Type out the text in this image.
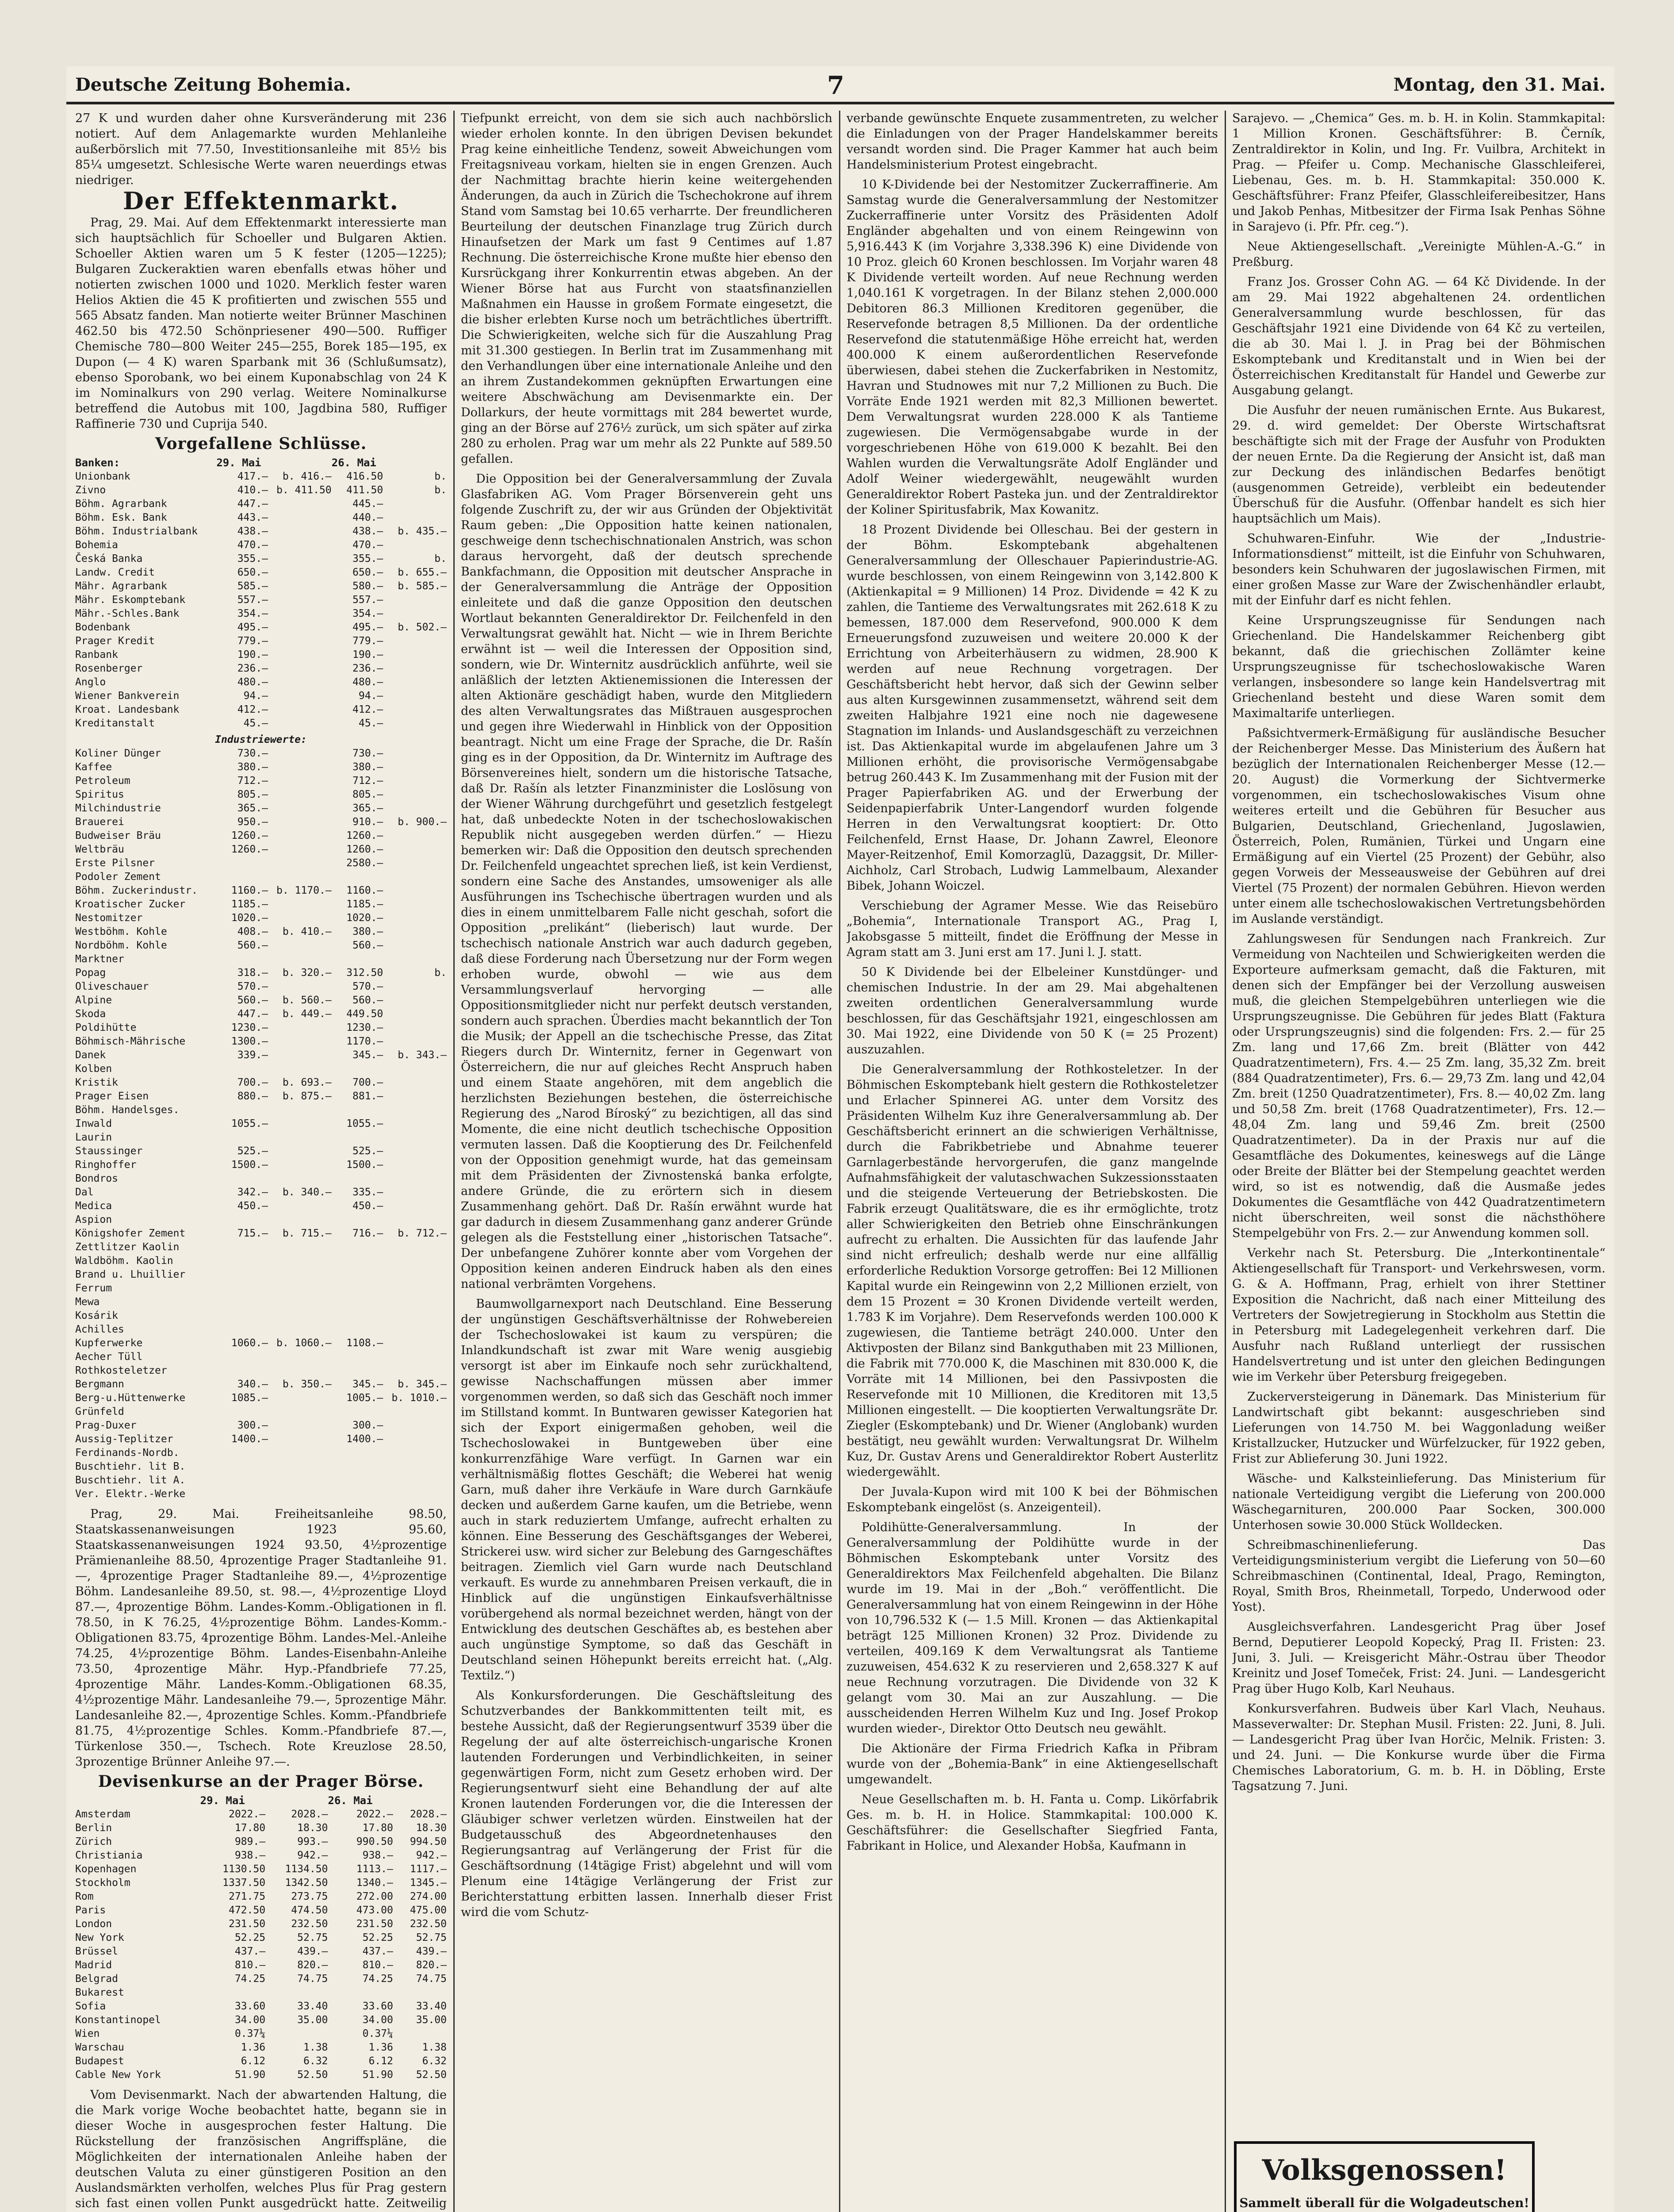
Deutsche Zeitung Bohemia.	7	Montag, den 31. Mai.

27 K und wurden daher ohne Kursveränderung mit 236 notiert. Auf dem Anlagemarkte wurden Mehlanleihe außerbörslich mit 77.50, Investitionsanleihe mit 85½ bis 85¼ umgesetzt. Schlesische Werte waren neuerdings etwas niedriger.

Der Effektenmarkt.

Prag, 29. Mai. Auf dem Effektenmarkt interessierte man sich hauptsächlich für Schoeller und Bulgaren Aktien. Schoeller Aktien waren um 5 K fester (1205—1225); Bulgaren Zuckeraktien waren ebenfalls etwas höher und notierten zwischen 1000 und 1020. Merklich fester waren Helios Aktien die 45 K profitierten und zwischen 555 und 565 Absatz fanden. Man notierte weiter Brünner Maschinen 462.50 bis 472.50 Schönpriesener 490—500. Ruffiger Chemische 780—800 Weiter 245—255, Borek 185—195, ex Dupon (— 4 K) waren Sparbank mit 36 (Schlußumsatz), ebenso Sporobank, wo bei einem Kuponabschlag von 24 K im Nominalkurs von 290 verlag. Weitere Nominalkurse betreffend die Autobus mit 100, Jagdbina 580, Ruffiger Raffinerie 730 und Cuprija 540.

Vorgefallene Schlüsse.
Banken:	29. Mai		26. Mai	
Unionbank	417.—	b. 416.—	416.50	b.
Zivno	410.—	b. 411.50	411.50	b.
Böhm. Agrarbank	447.—		445.—	
Böhm. Esk. Bank	443.—		440.—	
Böhm. Industrialbank	438.—		438.—	b. 435.—
Bohemia	470.—		470.—	
Česká Banka	355.—		355.—	b.
Landw. Credit	650.—		650.—	b. 655.—
Mähr. Agrarbank	585.—		580.—	b. 585.—
Mähr. Eskomptebank	557.—		557.—	
Mähr.-Schles.Bank	354.—		354.—	
Bodenbank	495.—		495.—	b. 502.—
Prager Kredit	779.—		779.—	
Ranbank	190.—		190.—	
Rosenberger	236.—		236.—	
Anglo	480.—		480.—	
Wiener Bankverein	94.—		94.—	
Kroat. Landesbank	412.—		412.—	
Kreditanstalt	45.—		45.—	
Industriewerte:				
Koliner Dünger	730.—		730.—	
Kaffee	380.—		380.—	
Petroleum	712.—		712.—	
Spiritus	805.—		805.—	
Milchindustrie	365.—		365.—	
Brauerei	950.—		910.—	b. 900.—
Budweiser Bräu	1260.—		1260.—	
Weltbräu	1260.—		1260.—	
Erste Pilsner			2580.—	
Podoler Zement				
Böhm. Zuckerindustr.	1160.—	b. 1170.—	1160.—	
Kroatischer Zucker	1185.—		1185.—	
Nestomitzer	1020.—		1020.—	
Westböhm. Kohle	408.—	b. 410.—	380.—	
Nordböhm. Kohle	560.—		560.—	
Marktner				
Popag	318.—	b. 320.—	312.50	b.
Oliveschauer	570.—		570.—	
Alpine	560.—	b. 560.—	560.—	
Skoda	447.—	b. 449.—	449.50	
Poldihütte	1230.—		1230.—	
Böhmisch-Mährische	1300.—		1170.—	
Danek	339.—		345.—	b. 343.—
Kolben				
Kristik	700.—	b. 693.—	700.—	
Prager Eisen	880.—	b. 875.—	881.—	
Böhm. Handelsges.				
Inwald	1055.—		1055.—	
Laurin				
Staussinger	525.—		525.—	
Ringhoffer	1500.—		1500.—	
Bondros				
Dal	342.—	b. 340.—	335.—	
Medica	450.—		450.—	
Aspion				
Königshofer Zement	715.—	b. 715.—	716.—	b. 712.—
Zettlitzer Kaolin				
Waldböhm. Kaolin				
Brand u. Lhuillier				
Ferrum				
Mewa				
Kosárik				
Achilles				
Kupferwerke	1060.—	b. 1060.—	1108.—	
Aecher Tüll				
Rothkosteletzer				
Bergmann	340.—	b. 350.—	345.—	b. 345.—
Berg-u.Hüttenwerke	1085.—		1005.—	b. 1010.—
Grünfeld				
Prag-Duxer	300.—		300.—	
Aussig-Teplitzer	1400.—		1400.—	
Ferdinands-Nordb.				
Buschtiehr. lit B.				
Buschtiehr. lit A.				
Ver. Elektr.-Werke				

Prag, 29. Mai. Freiheitsanleihe 98.50, Staatskassenanweisungen 1923 95.60, Staatskassenanweisungen 1924 93.50, 4½prozentige Prämienanleihe 88.50, 4prozentige Prager Stadtanleihe 91.—, 4prozentige Prager Stadtanleihe 89.—, 4½prozentige Böhm. Landesanleihe 89.50, st. 98.—, 4½prozentige Lloyd 87.—, 4prozentige Böhm. Landes-Komm.-Obligationen in fl. 78.50, in K 76.25, 4½prozentige Böhm. Landes-Komm.-Obligationen 83.75, 4prozentige Böhm. Landes-Mel.-Anleihe 74.25, 4½prozentige Böhm. Landes-Eisenbahn-Anleihe 73.50, 4prozentige Mähr. Hyp.-Pfandbriefe 77.25, 4prozentige Mähr. Landes-Komm.-Obligationen 68.35, 4½prozentige Mähr. Landesanleihe 79.—, 5prozentige Mähr. Landesanleihe 82.—, 4prozentige Schles. Komm.-Pfandbriefe 81.75, 4½prozentige Schles. Komm.-Pfandbriefe 87.—, Türkenlose 350.—, Tschech. Rote Kreuzlose 28.50, 3prozentige Brünner Anleihe 97.—.

Devisenkurse an der Prager Börse.
	29. Mai		26. Mai	
Amsterdam	2022.—	2028.—	2022.—	2028.—
Berlin	17.80	18.30	17.80	18.30
Zürich	989.—	993.—	990.50	994.50
Christiania	938.—	942.—	938.—	942.—
Kopenhagen	1130.50	1134.50	1113.—	1117.—
Stockholm	1337.50	1342.50	1340.—	1345.—
Rom	271.75	273.75	272.00	274.00
Paris	472.50	474.50	473.00	475.00
London	231.50	232.50	231.50	232.50
New York	52.25	52.75	52.25	52.75
Brüssel	437.—	439.—	437.—	439.—
Madrid	810.—	820.—	810.—	820.—
Belgrad	74.25	74.75	74.25	74.75
Bukarest				
Sofia	33.60	33.40	33.60	33.40
Konstantinopel	34.00	35.00	34.00	35.00
Wien	0.37¼		0.37¼	
Warschau	1.36	1.38	1.36	1.38
Budapest	6.12	6.32	6.12	6.32
Cable New York	51.90	52.50	51.90	52.50

Vom Devisenmarkt. Nach der abwartenden Haltung, die die Mark vorige Woche beobachtet hatte, begann sie in dieser Woche in ausgesprochen fester Haltung. Die Rückstellung der französischen Angriffspläne, die Möglichkeiten der internationalen Anleihe haben der deutschen Valuta zu einer günstigeren Position an den Auslandsmärkten verholfen, welches Plus für Prag gestern sich fast einen vollen Punkt ausgedrückt hatte. Zeitweilig

Tiefpunkt erreicht, von dem sie sich auch nachbörslich wieder erholen konnte. In den übrigen Devisen bekundet Prag keine einheitliche Tendenz, soweit Abweichungen vom Freitagsniveau vorkam, hielten sie in engen Grenzen. Auch der Nachmittag brachte hierin keine weitergehenden Änderungen, da auch in Zürich die Tschechokrone auf ihrem Stand vom Samstag bei 10.65 verharrte. Der freundlicheren Beurteilung der deutschen Finanzlage trug Zürich durch Hinaufsetzen der Mark um fast 9 Centimes auf 1.87 Rechnung. Die österreichische Krone mußte hier ebenso den Kursrückgang ihrer Konkurrentin etwas abgeben. An der Wiener Börse hat aus Furcht von staatsfinanziellen Maßnahmen ein Hausse in großem Formate eingesetzt, die die bisher erlebten Kurse noch um beträchtliches übertrifft. Die Schwierigkeiten, welche sich für die Auszahlung Prag mit 31.300 gestiegen. In Berlin trat im Zusammenhang mit den Verhandlungen über eine internationale Anleihe und den an ihrem Zustandekommen geknüpften Erwartungen eine weitere Abschwächung am Devisenmarkte ein. Der Dollarkurs, der heute vormittags mit 284 bewertet wurde, ging an der Börse auf 276½ zurück, um sich später auf zirka 280 zu erholen. Prag war um mehr als 22 Punkte auf 589.50 gefallen.

Die Opposition bei der Generalversammlung der Zuvala Glasfabriken AG. Vom Prager Börsenverein geht uns folgende Zuschrift zu, der wir aus Gründen der Objektivität Raum geben: „Die Opposition hatte keinen nationalen, geschweige denn tschechischnationalen Anstrich, was schon daraus hervorgeht, daß der deutsch sprechende Bankfachmann, die Opposition mit deutscher Ansprache in der Generalversammlung die Anträge der Opposition einleitete und daß die ganze Opposition den deutschen Wortlaut bekannten Generaldirektor Dr. Feilchenfeld in den Verwaltungsrat gewählt hat. Nicht — wie in Ihrem Berichte erwähnt ist — weil die Interessen der Opposition sind, sondern, wie Dr. Winternitz ausdrücklich anführte, weil sie anläßlich der letzten Aktienemissionen die Interessen der alten Aktionäre geschädigt haben, wurde den Mitgliedern des alten Verwaltungsrates das Mißtrauen ausgesprochen und gegen ihre Wiederwahl in Hinblick von der Opposition beantragt. Nicht um eine Frage der Sprache, die Dr. Rašín ging es in der Opposition, da Dr. Winternitz im Auftrage des Börsenvereines hielt, sondern um die historische Tatsache, daß Dr. Rašín als letzter Finanzminister die Loslösung von der Wiener Währung durchgeführt und gesetzlich festgelegt hat, daß unbedeckte Noten in der tschechoslowakischen Republik nicht ausgegeben werden dürfen.“ — Hiezu bemerken wir: Daß die Opposition den deutsch sprechenden Dr. Feilchenfeld ungeachtet sprechen ließ, ist kein Verdienst, sondern eine Sache des Anstandes, umsoweniger als alle Ausführungen ins Tschechische übertragen wurden und als dies in einem unmittelbarem Falle nicht geschah, sofort die Opposition „prelikánt“ (lieberisch) laut wurde. Der tschechisch nationale Anstrich war auch dadurch gegeben, daß diese Forderung nach Übersetzung nur der Form wegen erhoben wurde, obwohl — wie aus dem Versammlungsverlauf hervorging — alle Oppositionsmitglieder nicht nur perfekt deutsch verstanden, sondern auch sprachen. Überdies macht bekanntlich der Ton die Musik; der Appell an die tschechische Presse, das Zitat Riegers durch Dr. Winternitz, ferner in Gegenwart von Österreichern, die nur auf gleiches Recht Anspruch haben und einem Staate angehören, mit dem angeblich die herzlichsten Beziehungen bestehen, die österreichische Regierung des „Narod Bíroský“ zu bezichtigen, all das sind Momente, die eine nicht deutlich tschechische Opposition vermuten lassen. Daß die Kooptierung des Dr. Feilchenfeld von der Opposition genehmigt wurde, hat das gemeinsam mit dem Präsidenten der Zivnostenská banka erfolgte, andere Gründe, die zu erörtern sich in diesem Zusammenhang gehört. Daß Dr. Rašín erwähnt wurde hat gar dadurch in diesem Zusammenhang ganz anderer Gründe gelegen als die Feststellung einer „historischen Tatsache“. Der unbefangene Zuhörer konnte aber vom Vorgehen der Opposition keinen anderen Eindruck haben als den eines national verbrämten Vorgehens.

Baumwollgarnexport nach Deutschland. Eine Besserung der ungünstigen Geschäftsverhältnisse der Rohwebereien der Tschechoslowakei ist kaum zu verspüren; die Inlandkundschaft ist zwar mit Ware wenig ausgiebig versorgt ist aber im Einkaufe noch sehr zurückhaltend, gewisse Nachschaffungen müssen aber immer vorgenommen werden, so daß sich das Geschäft noch immer im Stillstand kommt. In Buntwaren gewisser Kategorien hat sich der Export einigermaßen gehoben, weil die Tschechoslowakei in Buntgeweben über eine konkurrenzfähige Ware verfügt. In Garnen war ein verhältnismäßig flottes Geschäft; die Weberei hat wenig Garn, muß daher ihre Verkäufe in Ware durch Garnkäufe decken und außerdem Garne kaufen, um die Betriebe, wenn auch in stark reduziertem Umfange, aufrecht erhalten zu können. Eine Besserung des Geschäftsganges der Weberei, Strickerei usw. wird sicher zur Belebung des Garngeschäftes beitragen. Ziemlich viel Garn wurde nach Deutschland verkauft. Es wurde zu annehmbaren Preisen verkauft, die in Hinblick auf die ungünstigen Einkaufsverhältnisse vorübergehend als normal bezeichnet werden, hängt von der Entwicklung des deutschen Geschäftes ab, es bestehen aber auch ungünstige Symptome, so daß das Geschäft in Deutschland seinen Höhepunkt bereits erreicht hat. („Alg. Textilz.“)

Als Konkursforderungen. Die Geschäftsleitung des Schutzverbandes der Bankkommittenten teilt mit, es bestehe Aussicht, daß der Regierungsentwurf 3539 über die Regelung der auf alte österreichisch-ungarische Kronen lautenden Forderungen und Verbindlichkeiten, in seiner gegenwärtigen Form, nicht zum Gesetz erhoben wird. Der Regierungsentwurf sieht eine Behandlung der auf alte Kronen lautenden Forderungen vor, die die Interessen der Gläubiger schwer verletzen würden. Einstweilen hat der Budgetausschuß des Abgeordnetenhauses den Regierungsantrag auf Verlängerung der Frist für die Geschäftsordnung (14tägige Frist) abgelehnt und will vom Plenum eine 14tägige Verlängerung der Frist zur Berichterstattung erbitten lassen. Innerhalb dieser Frist wird die vom Schutz-

verbande gewünschte Enquete zusammentreten, zu welcher die Einladungen von der Prager Handelskammer bereits versandt worden sind. Die Prager Kammer hat auch beim Handelsministerium Protest eingebracht.

10 K-Dividende bei der Nestomitzer Zuckerraffinerie. Am Samstag wurde die Generalversammlung der Nestomitzer Zuckerraffinerie unter Vorsitz des Präsidenten Adolf Engländer abgehalten und von einem Reingewinn von 5,916.443 K (im Vorjahre 3,338.396 K) eine Dividende von 10 Proz. gleich 60 Kronen beschlossen. Im Vorjahr waren 48 K Dividende verteilt worden. Auf neue Rechnung werden 1,040.161 K vorgetragen. In der Bilanz stehen 2,000.000 Debitoren 86.3 Millionen Kreditoren gegenüber, die Reservefonde betragen 8,5 Millionen. Da der ordentliche Reservefond die statutenmäßige Höhe erreicht hat, werden 400.000 K einem außerordentlichen Reservefonde überwiesen, dabei stehen die Zuckerfabriken in Nestomitz, Havran und Studnowes mit nur 7,2 Millionen zu Buch. Die Vorräte Ende 1921 werden mit 82,3 Millionen bewertet. Dem Verwaltungsrat wurden 228.000 K als Tantieme zugewiesen. Die Vermögensabgabe wurde in der vorgeschriebenen Höhe von 619.000 K bezahlt. Bei den Wahlen wurden die Verwaltungsräte Adolf Engländer und Adolf Weiner wiedergewählt, neugewählt wurden Generaldirektor Robert Pasteka jun. und der Zentraldirektor der Koliner Spiritusfabrik, Max Kowanitz.

18 Prozent Dividende bei Olleschau. Bei der gestern in der Böhm. Eskomptebank abgehaltenen Generalversammlung der Olleschauer Papierindustrie-AG. wurde beschlossen, von einem Reingewinn von 3,142.800 K (Aktienkapital = 9 Millionen) 14 Proz. Dividende = 42 K zu zahlen, die Tantieme des Verwaltungsrates mit 262.618 K zu bemessen, 187.000 dem Reservefond, 900.000 K dem Erneuerungsfond zuzuweisen und weitere 20.000 K der Errichtung von Arbeiterhäusern zu widmen, 28.900 K werden auf neue Rechnung vorgetragen. Der Geschäftsbericht hebt hervor, daß sich der Gewinn selber aus alten Kursgewinnen zusammensetzt, während seit dem zweiten Halbjahre 1921 eine noch nie dagewesene Stagnation im Inlands- und Auslandsgeschäft zu verzeichnen ist. Das Aktienkapital wurde im abgelaufenen Jahre um 3 Millionen erhöht, die provisorische Vermögensabgabe betrug 260.443 K. Im Zusammenhang mit der Fusion mit der Prager Papierfabriken AG. und der Erwerbung der Seidenpapierfabrik Unter-Langendorf wurden folgende Herren in den Verwaltungsrat kooptiert: Dr. Otto Feilchenfeld, Ernst Haase, Dr. Johann Zawrel, Eleonore Mayer-Reitzenhof, Emil Komorzaglü, Dazaggsit, Dr. Miller-Aichholz, Carl Strobach, Ludwig Lammelbaum, Alexander Bibek, Johann Woiczel.

Verschiebung der Agramer Messe. Wie das Reisebüro „Bohemia“, Internationale Transport AG., Prag I, Jakobsgasse 5 mitteilt, findet die Eröffnung der Messe in Agram statt am 3. Juni erst am 17. Juni l. J. statt.

50 K Dividende bei der Elbeleiner Kunstdünger- und chemischen Industrie. In der am 29. Mai abgehaltenen zweiten ordentlichen Generalversammlung wurde beschlossen, für das Geschäftsjahr 1921, eingeschlossen am 30. Mai 1922, eine Dividende von 50 K (= 25 Prozent) auszuzahlen.

Die Generalversammlung der Rothkosteletzer. In der Böhmischen Eskomptebank hielt gestern die Rothkosteletzer und Erlacher Spinnerei AG. unter dem Vorsitz des Präsidenten Wilhelm Kuz ihre Generalversammlung ab. Der Geschäftsbericht erinnert an die schwierigen Verhältnisse, durch die Fabrikbetriebe und Abnahme teuerer Garnlagerbestände hervorgerufen, die ganz mangelnde Aufnahmsfähigkeit der valutaschwachen Sukzessionsstaaten und die steigende Verteuerung der Betriebskosten. Die Fabrik erzeugt Qualitätsware, die es ihr ermöglichte, trotz aller Schwierigkeiten den Betrieb ohne Einschränkungen aufrecht zu erhalten. Die Aussichten für das laufende Jahr sind nicht erfreulich; deshalb werde nur eine allfällig erforderliche Reduktion Vorsorge getroffen: Bei 12 Millionen Kapital wurde ein Reingewinn von 2,2 Millionen erzielt, von dem 15 Prozent = 30 Kronen Dividende verteilt werden, 1.783 K im Vorjahre). Dem Reservefonds werden 100.000 K zugewiesen, die Tantieme beträgt 240.000. Unter den Aktivposten der Bilanz sind Bankguthaben mit 23 Millionen, die Fabrik mit 770.000 K, die Maschinen mit 830.000 K, die Vorräte mit 14 Millionen, bei den Passivposten die Reservefonde mit 10 Millionen, die Kreditoren mit 13,5 Millionen eingestellt. — Die kooptierten Verwaltungsräte Dr. Ziegler (Eskomptebank) und Dr. Wiener (Anglobank) wurden bestätigt, neu gewählt wurden: Verwaltungsrat Dr. Wilhelm Kuz, Dr. Gustav Arens und Generaldirektor Robert Austerlitz wiedergewählt.

Der Juvala-Kupon wird mit 100 K bei der Böhmischen Eskomptebank eingelöst (s. Anzeigenteil).

Poldihütte-Generalversammlung. In der Generalversammlung der Poldihütte wurde in der Böhmischen Eskomptebank unter Vorsitz des Generaldirektors Max Feilchenfeld abgehalten. Die Bilanz wurde im 19. Mai in der „Boh.“ veröffentlicht. Die Generalversammlung hat von einem Reingewinn in der Höhe von 10,796.532 K (— 1.5 Mill. Kronen — das Aktienkapital beträgt 125 Millionen Kronen) 32 Proz. Dividende zu verteilen, 409.169 K dem Verwaltungsrat als Tantieme zuzuweisen, 454.632 K zu reservieren und 2,658.327 K auf neue Rechnung vorzutragen. Die Dividende von 32 K gelangt vom 30. Mai an zur Auszahlung. — Die ausscheidenden Herren Wilhelm Kuz und Ing. Josef Prokop wurden wieder-, Direktor Otto Deutsch neu gewählt.

Die Aktionäre der Firma Friedrich Kafka in Přibram wurde von der „Bohemia-Bank“ in eine Aktiengesellschaft umgewandelt.

Neue Gesellschaften m. b. H. Fanta u. Comp. Likörfabrik Ges. m. b. H. in Holice. Stammkapital: 100.000 K. Geschäftsführer: die Gesellschafter Siegfried Fanta, Fabrikant in Holice, und Alexander Hobša, Kaufmann in

Sarajevo. — „Chemica“ Ges. m. b. H. in Kolin. Stammkapital: 1 Million Kronen. Geschäftsführer: B. Černík, Zentraldirektor in Kolin, und Ing. Fr. Vuilbra, Architekt in Prag. — Pfeifer u. Comp. Mechanische Glasschleiferei, Liebenau, Ges. m. b. H. Stammkapital: 350.000 K. Geschäftsführer: Franz Pfeifer, Glasschleifereibesitzer, Hans und Jakob Penhas, Mitbesitzer der Firma Isak Penhas Söhne in Sarajevo (i. Pfr. Pfr. ceg.“).

Neue Aktiengesellschaft. „Vereinigte Mühlen-A.-G.“ in Preßburg.

Franz Jos. Grosser Cohn AG. — 64 Kč Dividende. In der am 29. Mai 1922 abgehaltenen 24. ordentlichen Generalversammlung wurde beschlossen, für das Geschäftsjahr 1921 eine Dividende von 64 Kč zu verteilen, die ab 30. Mai l. J. in Prag bei der Böhmischen Eskomptebank und Kreditanstalt und in Wien bei der Österreichischen Kreditanstalt für Handel und Gewerbe zur Ausgabung gelangt.

Die Ausfuhr der neuen rumänischen Ernte. Aus Bukarest, 29. d. wird gemeldet: Der Oberste Wirtschaftsrat beschäftigte sich mit der Frage der Ausfuhr von Produkten der neuen Ernte. Da die Regierung der Ansicht ist, daß man zur Deckung des inländischen Bedarfes benötigt (ausgenommen Getreide), verbleibt ein bedeutender Überschuß für die Ausfuhr. (Offenbar handelt es sich hier hauptsächlich um Mais).

Schuhwaren-Einfuhr. Wie der „Industrie-Informationsdienst“ mitteilt, ist die Einfuhr von Schuhwaren, besonders kein Schuhwaren der jugoslawischen Firmen, mit einer großen Masse zur Ware der Zwischenhändler erlaubt, mit der Einfuhr darf es nicht fehlen.

Keine Ursprungszeugnisse für Sendungen nach Griechenland. Die Handelskammer Reichenberg gibt bekannt, daß die griechischen Zollämter keine Ursprungszeugnisse für tschechoslowakische Waren verlangen, insbesondere so lange kein Handelsvertrag mit Griechenland besteht und diese Waren somit dem Maximaltarife unterliegen.

Paßsichtvermerk-Ermäßigung für ausländische Besucher der Reichenberger Messe. Das Ministerium des Äußern hat bezüglich der Internationalen Reichenberger Messe (12.—20. August) die Vormerkung der Sichtvermerke vorgenommen, ein tschechoslowakisches Visum ohne weiteres erteilt und die Gebühren für Besucher aus Bulgarien, Deutschland, Griechenland, Jugoslawien, Österreich, Polen, Rumänien, Türkei und Ungarn eine Ermäßigung auf ein Viertel (25 Prozent) der Gebühr, also gegen Vorweis der Messeausweise der Gebühren auf drei Viertel (75 Prozent) der normalen Gebühren. Hievon werden unter einem alle tschechoslowakischen Vertretungsbehörden im Auslande verständigt.

Zahlungswesen für Sendungen nach Frankreich. Zur Vermeidung von Nachteilen und Schwierigkeiten werden die Exporteure aufmerksam gemacht, daß die Fakturen, mit denen sich der Empfänger bei der Verzollung ausweisen muß, die gleichen Stempelgebühren unterliegen wie die Ursprungszeugnisse. Die Gebühren für jedes Blatt (Faktura oder Ursprungszeugnis) sind die folgenden: Frs. 2.— für 25 Zm. lang und 17,66 Zm. breit (Blätter von 442 Quadratzentimetern), Frs. 4.— 25 Zm. lang, 35,32 Zm. breit (884 Quadratzentimeter), Frs. 6.— 29,73 Zm. lang und 42,04 Zm. breit (1250 Quadratzentimeter), Frs. 8.— 40,02 Zm. lang und 50,58 Zm. breit (1768 Quadratzentimeter), Frs. 12.— 48,04 Zm. lang und 59,46 Zm. breit (2500 Quadratzentimeter). Da in der Praxis nur auf die Gesamtfläche des Dokumentes, keineswegs auf die Länge oder Breite der Blätter bei der Stempelung geachtet werden wird, so ist es notwendig, daß die Ausmaße jedes Dokumentes die Gesamtfläche von 442 Quadratzentimetern nicht überschreiten, weil sonst die nächsthöhere Stempelgebühr von Frs. 2.— zur Anwendung kommen soll.

Verkehr nach St. Petersburg. Die „Interkontinentale“ Aktiengesellschaft für Transport- und Verkehrswesen, vorm. G. & A. Hoffmann, Prag, erhielt von ihrer Stettiner Exposition die Nachricht, daß nach einer Mitteilung des Vertreters der Sowjetregierung in Stockholm aus Stettin die in Petersburg mit Ladegelegenheit verkehren darf. Die Ausfuhr nach Rußland unterliegt der russischen Handelsvertretung und ist unter den gleichen Bedingungen wie im Verkehr über Petersburg freigegeben.

Zuckerversteigerung in Dänemark. Das Ministerium für Landwirtschaft gibt bekannt: ausgeschrieben sind Lieferungen von 14.750 M. bei Waggonladung weißer Kristallzucker, Hutzucker und Würfelzucker, für 1922 geben, Frist zur Ablieferung 30. Juni 1922.

Wäsche- und Kalksteinlieferung. Das Ministerium für nationale Verteidigung vergibt die Lieferung von 200.000 Wäschegarnituren, 200.000 Paar Socken, 300.000 Unterhosen sowie 30.000 Stück Wolldecken.

Schreibmaschinenlieferung. Das Verteidigungsministerium vergibt die Lieferung von 50—60 Schreibmaschinen (Continental, Ideal, Prago, Remington, Royal, Smith Bros, Rheinmetall, Torpedo, Underwood oder Yost).

Ausgleichsverfahren. Landesgericht Prag über Josef Bernd, Deputierer Leopold Kopecký, Prag II. Fristen: 23. Juni, 3. Juli. — Kreisgericht Mähr.-Ostrau über Theodor Kreinitz und Josef Tomeček, Frist: 24. Juni. — Landesgericht Prag über Hugo Kolb, Karl Neuhaus.

Konkursverfahren. Budweis über Karl Vlach, Neuhaus. Masseverwalter: Dr. Stephan Musil. Fristen: 22. Juni, 8. Juli. — Landesgericht Prag über Ivan Horčic, Melnik. Fristen: 3. und 24. Juni. — Die Konkurse wurde über die Firma Chemisches Laboratorium, G. m. b. H. in Döbling, Erste Tagsatzung 7. Juni.

Volksgenossen!
Sammelt überall für die Wolgadeutschen!
